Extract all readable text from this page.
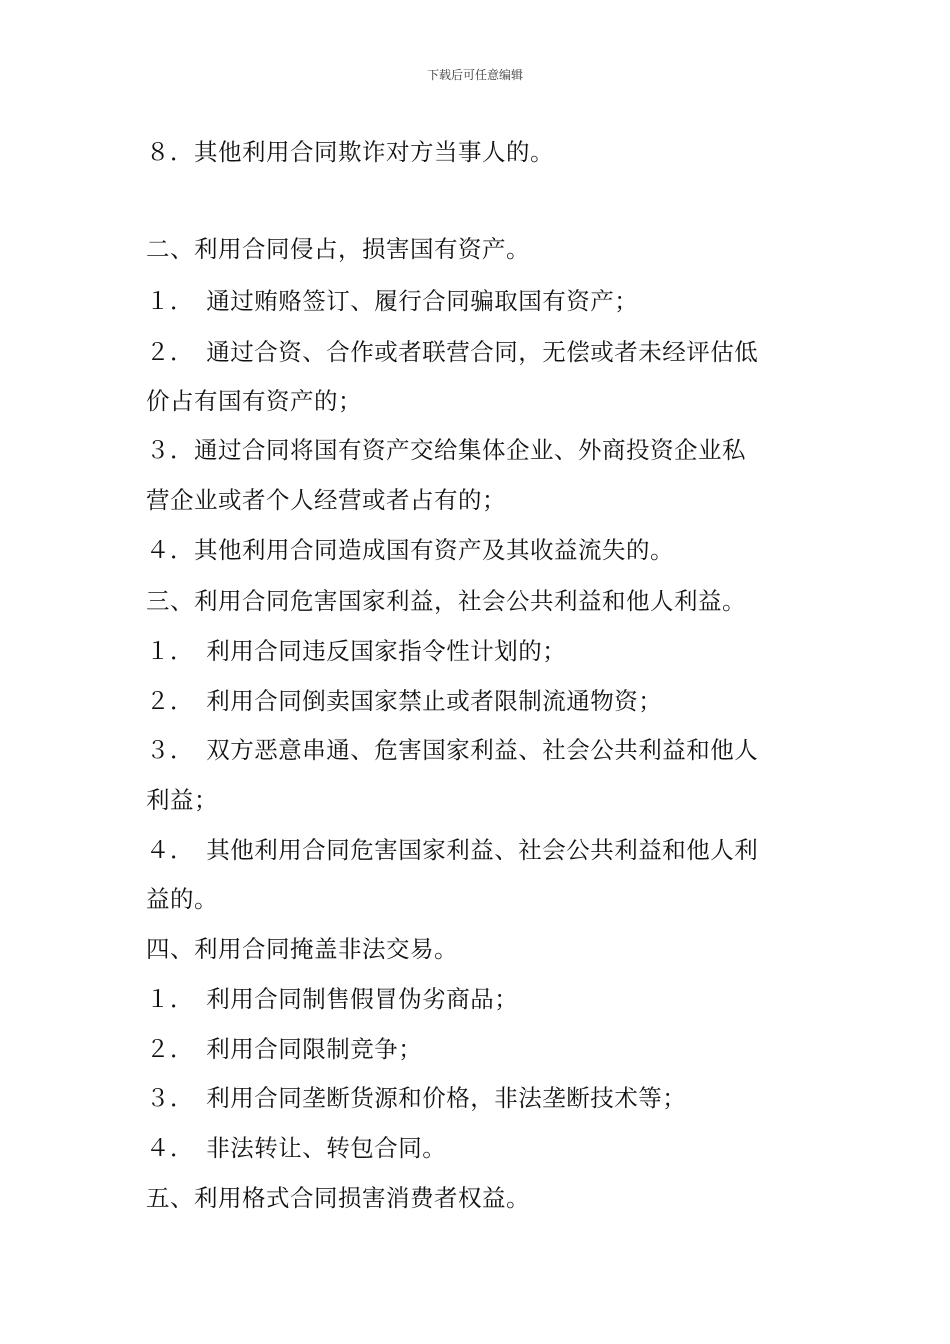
下载后可任意编辑
８．其他利用合同欺诈对方当事人的。
二、利用合同侵占，损害国有资产。
１．　通过贿赂签订、履行合同骗取国有资产；
２．　通过合资、合作或者联营合同，无偿或者未经评估低
价占有国有资产的；
３．通过合同将国有资产交给集体企业、外商投资企业私
营企业或者个人经营或者占有的；
４．其他利用合同造成国有资产及其收益流失的。
三、利用合同危害国家利益，社会公共利益和他人利益。
１．　利用合同违反国家指令性计划的；
２．　利用合同倒卖国家禁止或者限制流通物资；
３．　双方恶意串通、危害国家利益、社会公共利益和他人
利益；
４．　其他利用合同危害国家利益、社会公共利益和他人利
益的。
四、利用合同掩盖非法交易。
１．　利用合同制售假冒伪劣商品；
２．　利用合同限制竞争；
３．　利用合同垄断货源和价格，非法垄断技术等；
４．　非法转让、转包合同。
五、利用格式合同损害消费者权益。
